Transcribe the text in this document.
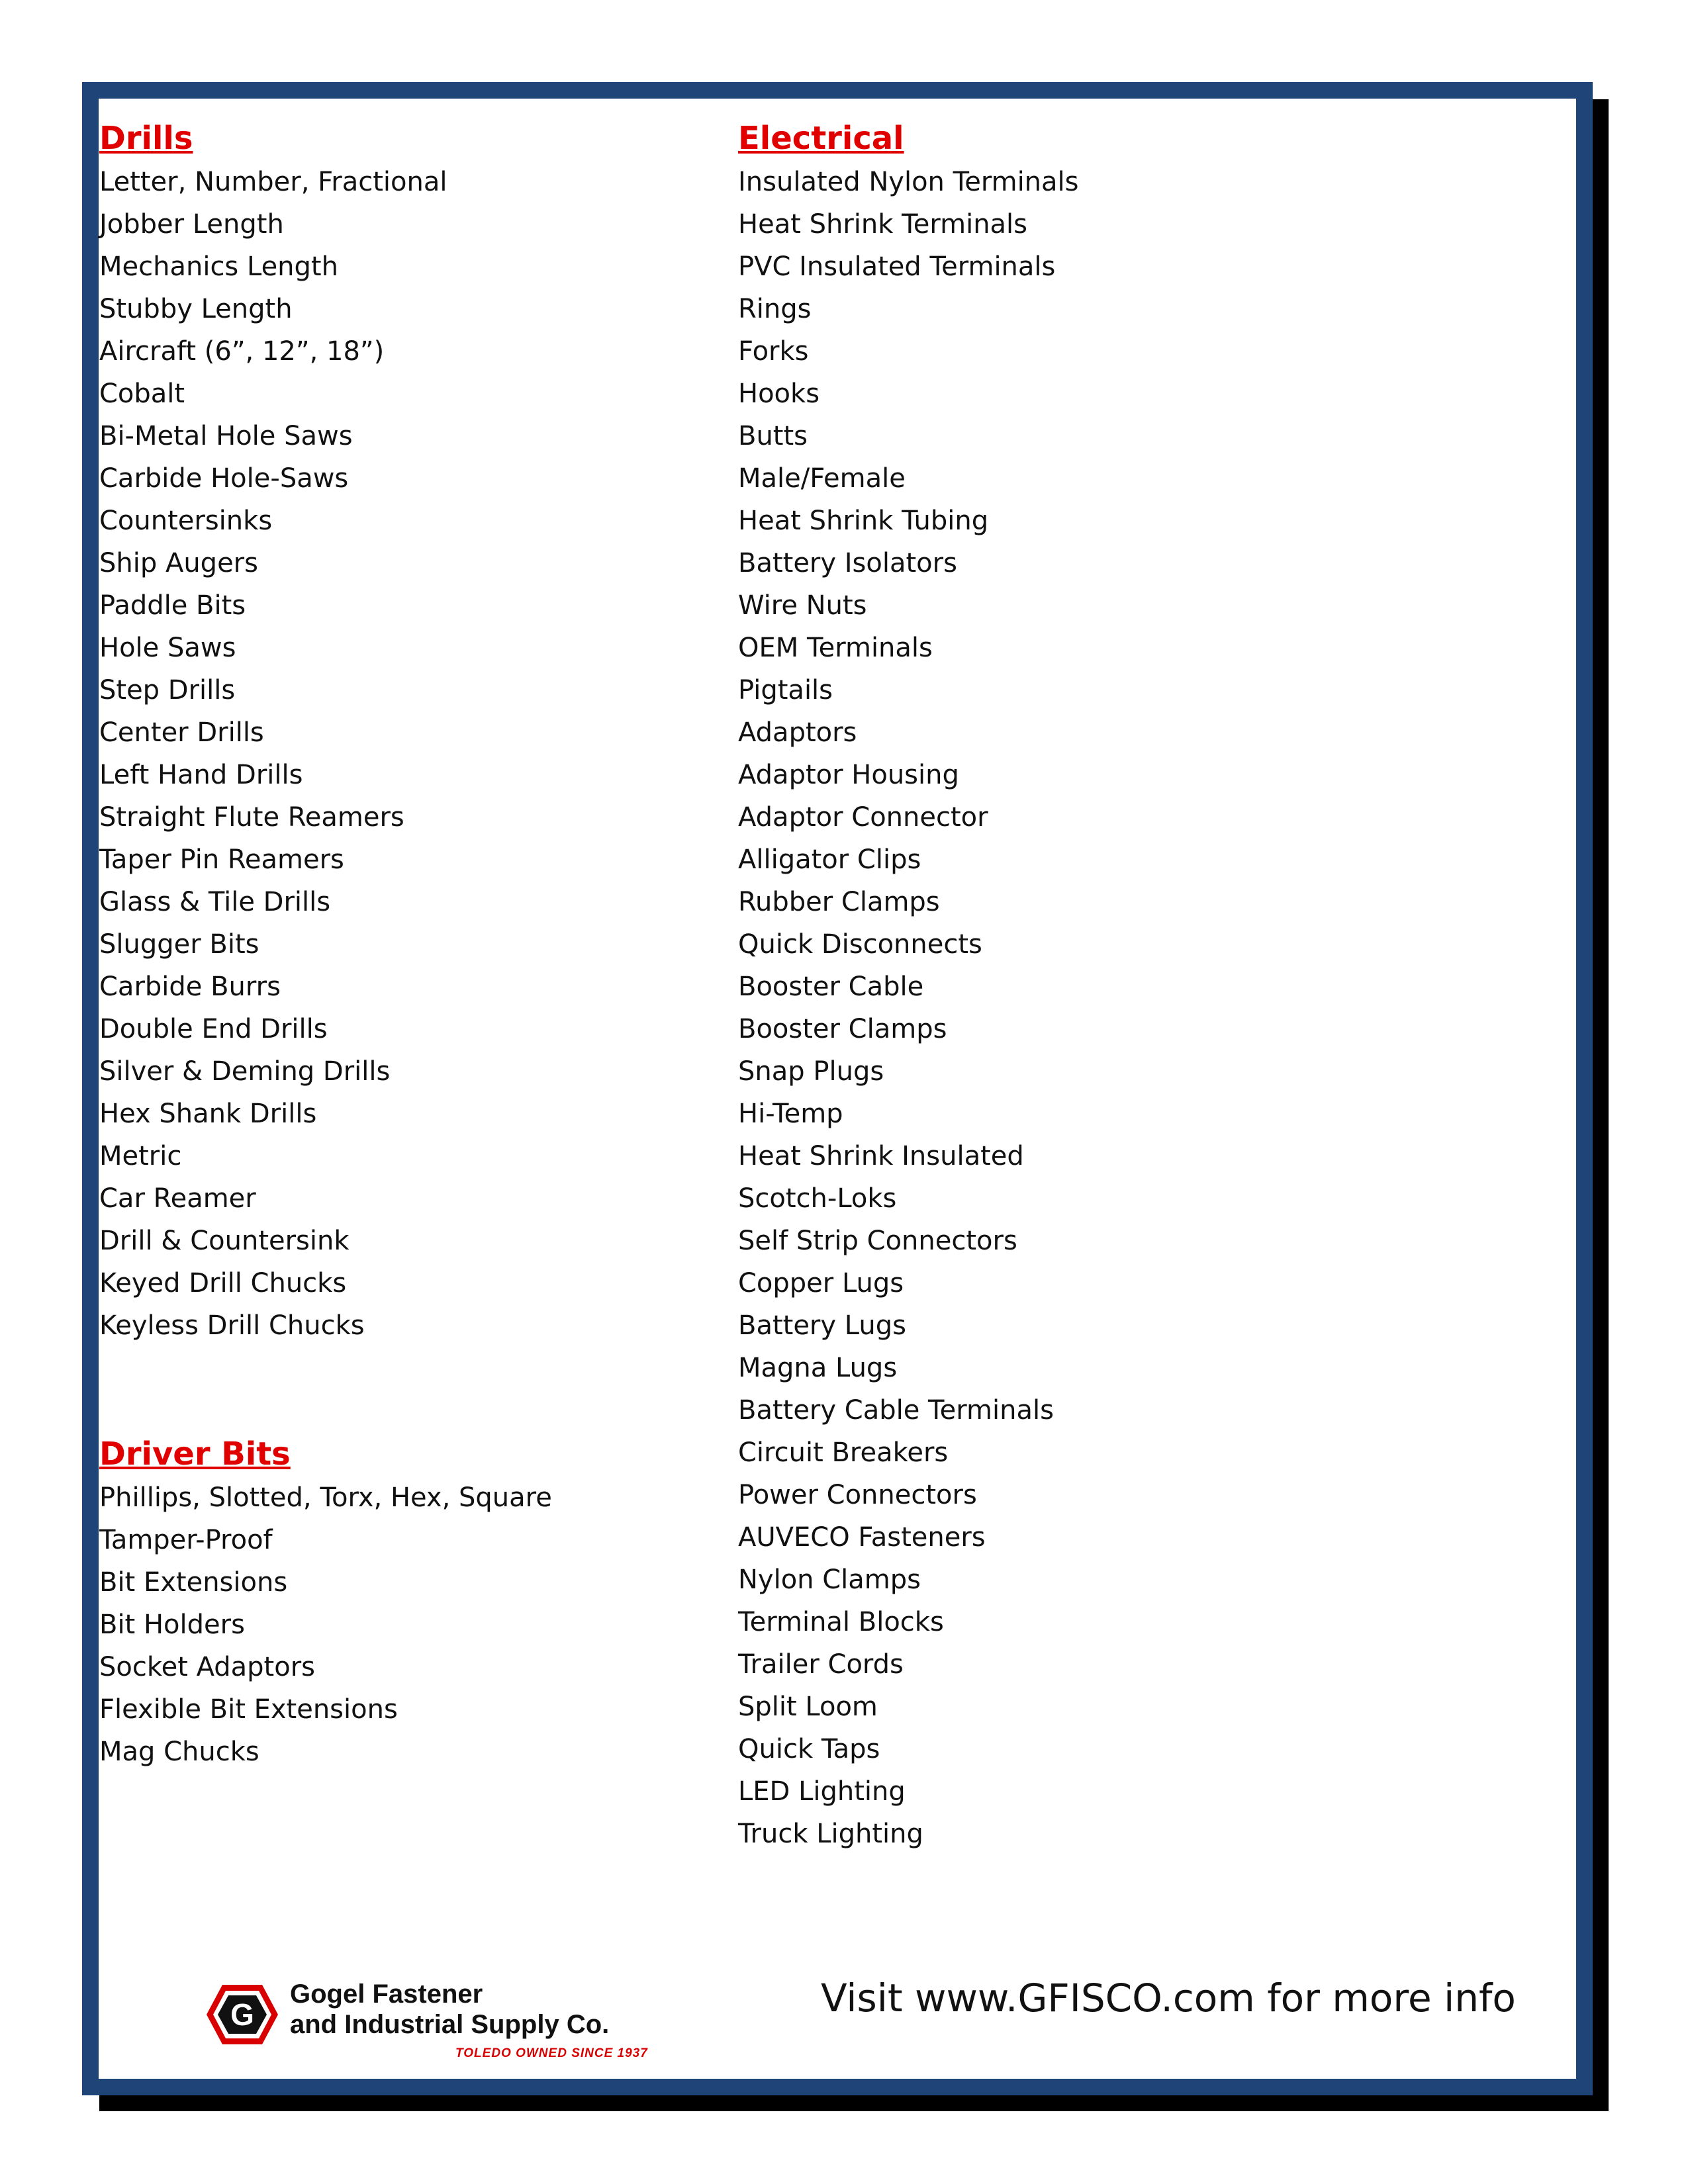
Drills
Letter, Number, Fractional
Jobber Length
Mechanics Length
Stubby Length
Aircraft (6”, 12”, 18”)
Cobalt
Bi-Metal Hole Saws
Carbide Hole-Saws
Countersinks
Ship Augers
Paddle Bits
Hole Saws
Step Drills
Center Drills
Left Hand Drills
Straight Flute Reamers
Taper Pin Reamers
Glass & Tile Drills
Slugger Bits
Carbide Burrs
Double End Drills
Silver & Deming Drills
Hex Shank Drills
Metric
Car Reamer
Drill & Countersink
Keyed Drill Chucks
Keyless Drill Chucks
Driver Bits
Phillips, Slotted, Torx, Hex, Square
Tamper-Proof
Bit Extensions
Bit Holders
Socket Adaptors
Flexible Bit Extensions
Mag Chucks
Electrical
Insulated Nylon Terminals
Heat Shrink Terminals
PVC Insulated Terminals
Rings
Forks
Hooks
Butts
Male/Female
Heat Shrink Tubing
Battery Isolators
Wire Nuts
OEM Terminals
Pigtails
Adaptors
Adaptor Housing
Adaptor Connector
Alligator Clips
Rubber Clamps
Quick Disconnects
Booster Cable
Booster Clamps
Snap Plugs
Hi-Temp
Heat Shrink Insulated
Scotch-Loks
Self Strip Connectors
Copper Lugs
Battery Lugs
Magna Lugs
Battery Cable Terminals
Circuit Breakers
Power Connectors
AUVECO Fasteners
Nylon Clamps
Terminal Blocks
Trailer Cords
Split Loom
Quick Taps
LED Lighting
Truck Lighting
G
Gogel Fastener
and Industrial Supply Co.
TOLEDO OWNED SINCE 1937
Visit www.GFISCO.com for more info
